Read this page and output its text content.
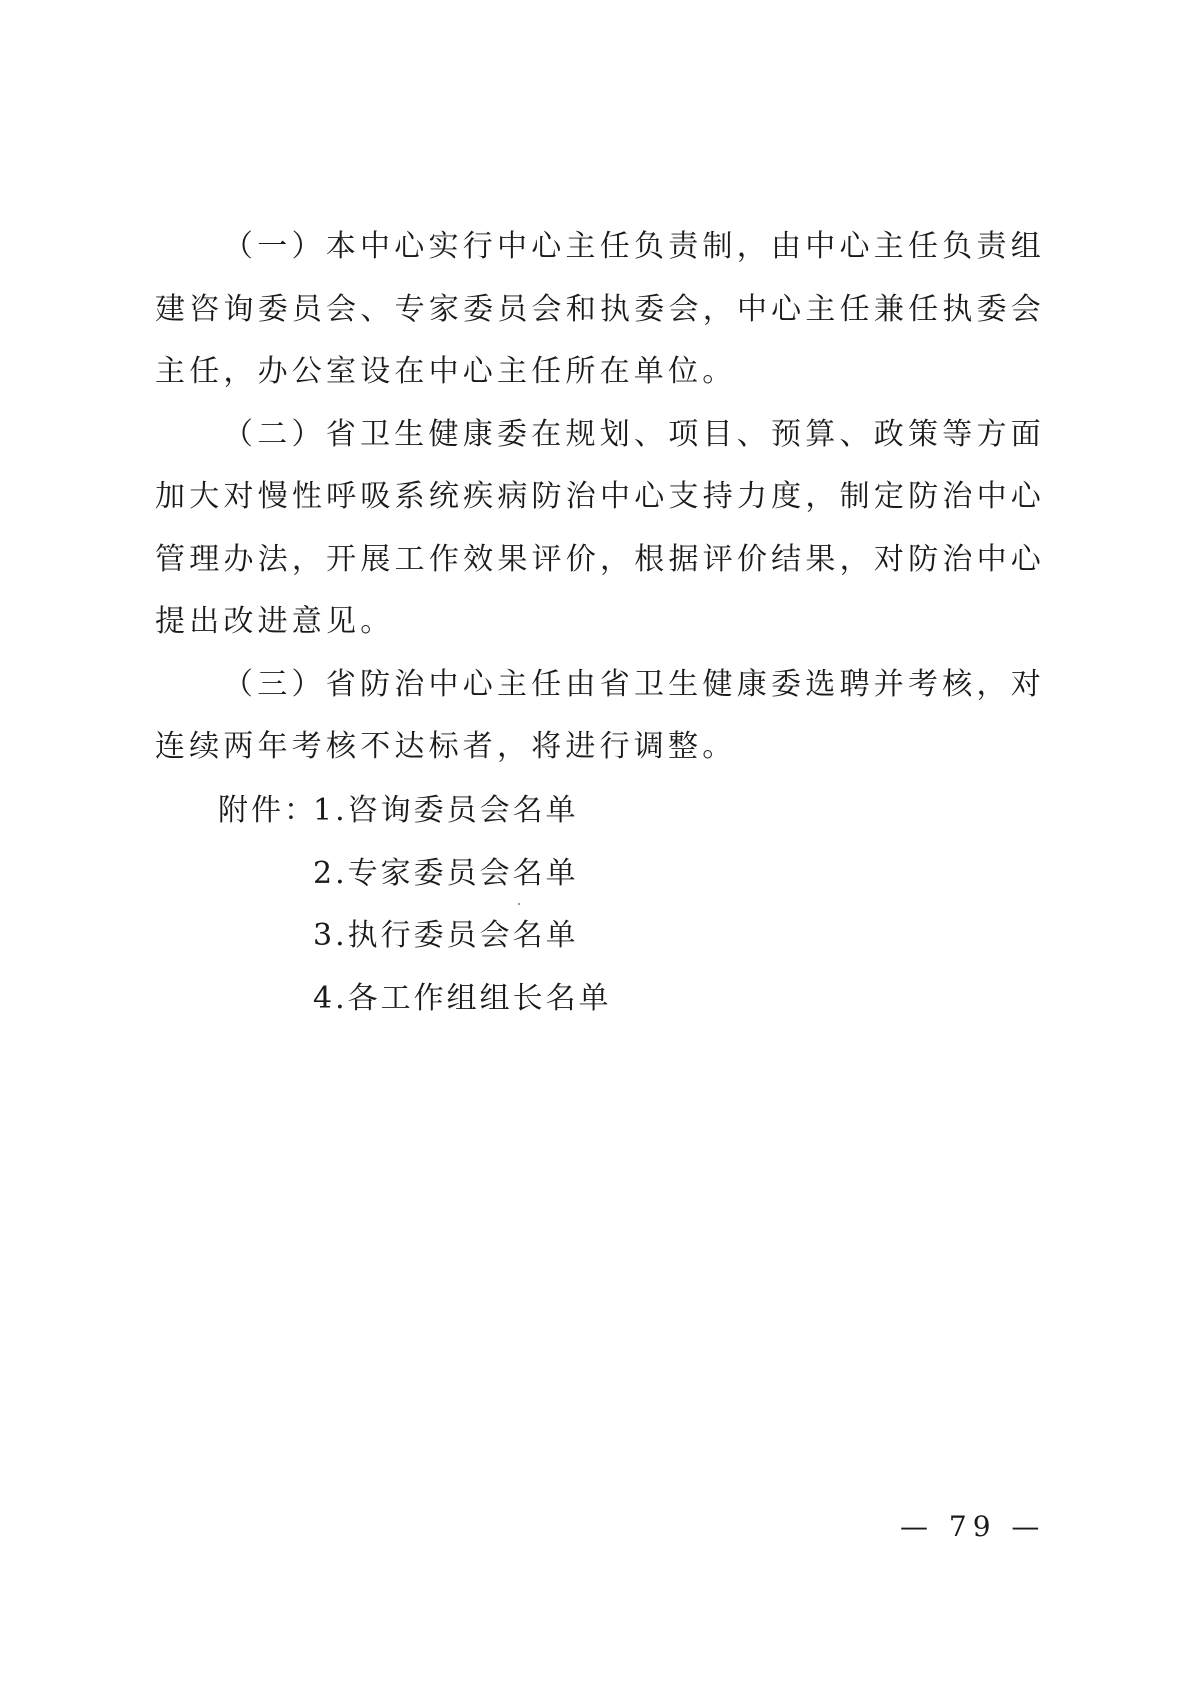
（一）本中心实行中心主任负责制，由中心主任负责组建咨询委员会、专家委员会和执委会，中心主任兼任执委会主任，办公室设在中心主任所在单位。

（二）省卫生健康委在规划、项目、预算、政策等方面加大对慢性呼吸系统疾病防治中心支持力度，制定防治中心管理办法，开展工作效果评价，根据评价结果，对防治中心提出改进意见。

（三）省防治中心主任由省卫生健康委选聘并考核，对连续两年考核不达标者，将进行调整。

附件：
1.咨询委员会名单
2.专家委员会名单
3.执行委员会名单
4.各工作组组长名单
— 79 —
